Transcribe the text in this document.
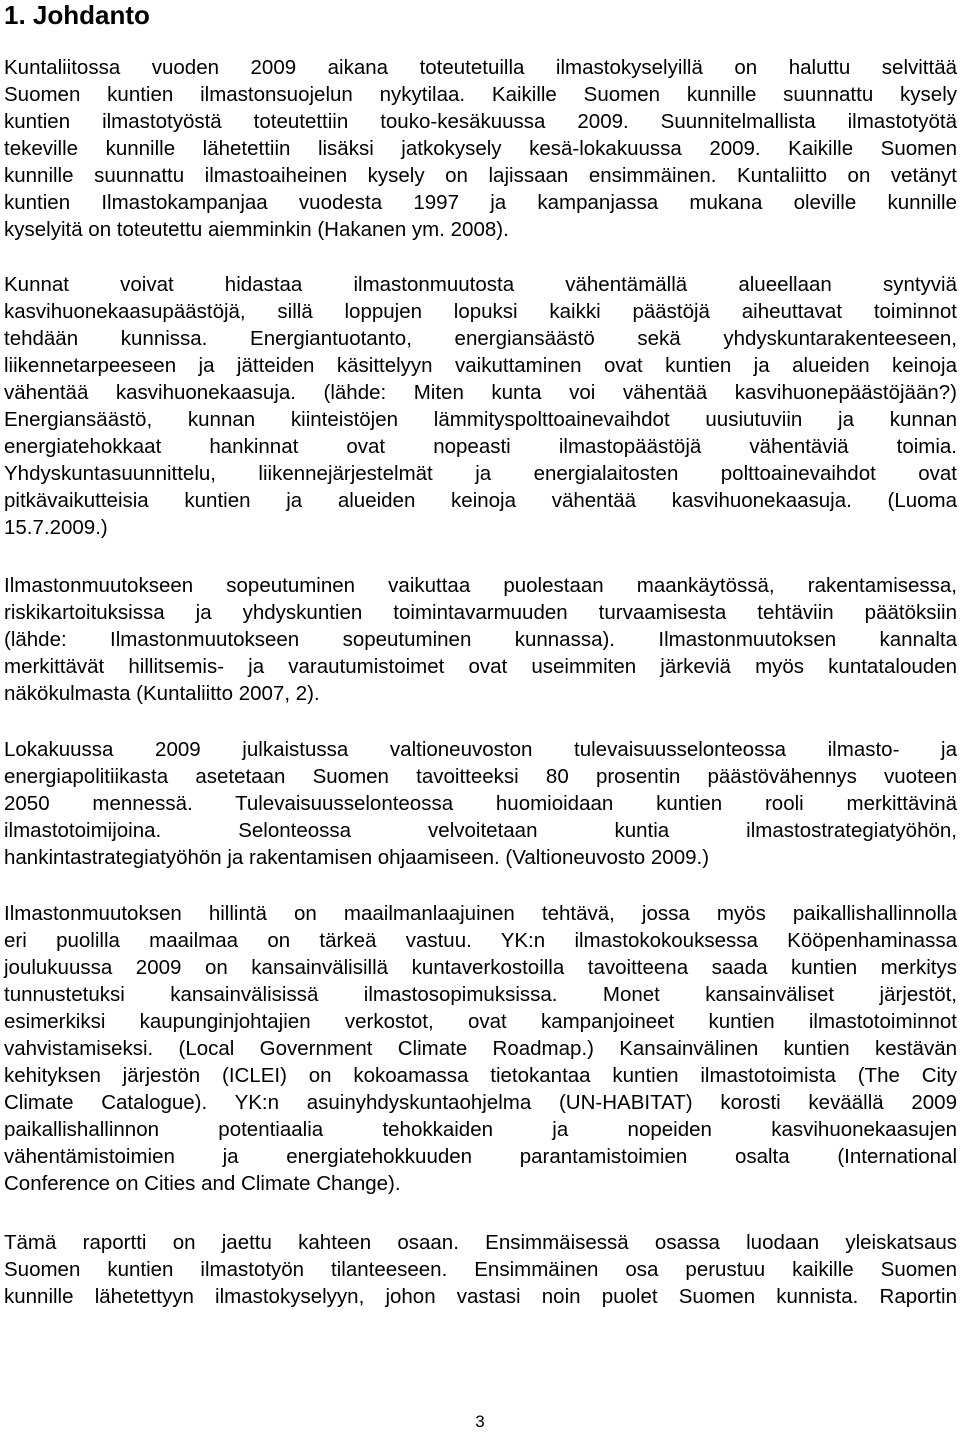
1. Johdanto

Kuntaliitossa vuoden 2009 aikana toteutetuilla ilmastokyselyillä on haluttu selvittää
Suomen kuntien ilmastonsuojelun nykytilaa. Kaikille Suomen kunnille suunnattu kysely
kuntien ilmastotyöstä toteutettiin touko-kesäkuussa 2009. Suunnitelmallista ilmastotyötä
tekeville kunnille lähetettiin lisäksi jatkokysely kesä-lokakuussa 2009. Kaikille Suomen
kunnille suunnattu ilmastoaiheinen kysely on lajissaan ensimmäinen. Kuntaliitto on vetänyt
kuntien Ilmastokampanjaa vuodesta 1997 ja kampanjassa mukana oleville kunnille
kyselyitä on toteutettu aiemminkin (Hakanen ym. 2008).

Kunnat voivat hidastaa ilmastonmuutosta vähentämällä alueellaan syntyviä
kasvihuonekaasupäästöjä, sillä loppujen lopuksi kaikki päästöjä aiheuttavat toiminnot
tehdään kunnissa. Energiantuotanto, energiansäästö sekä yhdyskuntarakenteeseen,
liikennetarpeeseen ja jätteiden käsittelyyn vaikuttaminen ovat kuntien ja alueiden keinoja
vähentää kasvihuonekaasuja. (lähde: Miten kunta voi vähentää kasvihuonepäästöjään?)
Energiansäästö, kunnan kiinteistöjen lämmityspolttoainevaihdot uusiutuviin ja kunnan
energiatehokkaat hankinnat ovat nopeasti ilmastopäästöjä vähentäviä toimia.
Yhdyskuntasuunnittelu, liikennejärjestelmät ja energialaitosten polttoainevaihdot ovat
pitkävaikutteisia kuntien ja alueiden keinoja vähentää kasvihuonekaasuja. (Luoma
15.7.2009.)

Ilmastonmuutokseen sopeutuminen vaikuttaa puolestaan maankäytössä, rakentamisessa,
riskikartoituksissa ja yhdyskuntien toimintavarmuuden turvaamisesta tehtäviin päätöksiin
(lähde: Ilmastonmuutokseen sopeutuminen kunnassa). Ilmastonmuutoksen kannalta
merkittävät hillitsemis- ja varautumistoimet ovat useimmiten järkeviä myös kuntatalouden
näkökulmasta (Kuntaliitto 2007, 2).

Lokakuussa 2009 julkaistussa valtioneuvoston tulevaisuusselonteossa ilmasto- ja
energiapolitiikasta asetetaan Suomen tavoitteeksi 80 prosentin päästövähennys vuoteen
2050 mennessä. Tulevaisuusselonteossa huomioidaan kuntien rooli merkittävinä
ilmastotoimijoina. Selonteossa velvoitetaan kuntia ilmastostrategiatyöhön,
hankintastrategiatyöhön ja rakentamisen ohjaamiseen. (Valtioneuvosto 2009.)

Ilmastonmuutoksen hillintä on maailmanlaajuinen tehtävä, jossa myös paikallishallinnolla
eri puolilla maailmaa on tärkeä vastuu. YK:n ilmastokokouksessa Kööpenhaminassa
joulukuussa 2009 on kansainvälisillä kuntaverkostoilla tavoitteena saada kuntien merkitys
tunnustetuksi kansainvälisissä ilmastosopimuksissa. Monet kansainväliset järjestöt,
esimerkiksi kaupunginjohtajien verkostot, ovat kampanjoineet kuntien ilmastotoiminnot
vahvistamiseksi. (Local Government Climate Roadmap.) Kansainvälinen kuntien kestävän
kehityksen järjestön (ICLEI) on kokoamassa tietokantaa kuntien ilmastotoimista (The City
Climate Catalogue). YK:n asuinyhdyskuntaohjelma (UN-HABITAT) korosti keväällä 2009
paikallishallinnon potentiaalia tehokkaiden ja nopeiden kasvihuonekaasujen
vähentämistoimien ja energiatehokkuuden parantamistoimien osalta (International
Conference on Cities and Climate Change).

Tämä raportti on jaettu kahteen osaan. Ensimmäisessä osassa luodaan yleiskatsaus
Suomen kuntien ilmastotyön tilanteeseen. Ensimmäinen osa perustuu kaikille Suomen
kunnille lähetettyyn ilmastokyselyyn, johon vastasi noin puolet Suomen kunnista. Raportin

3
